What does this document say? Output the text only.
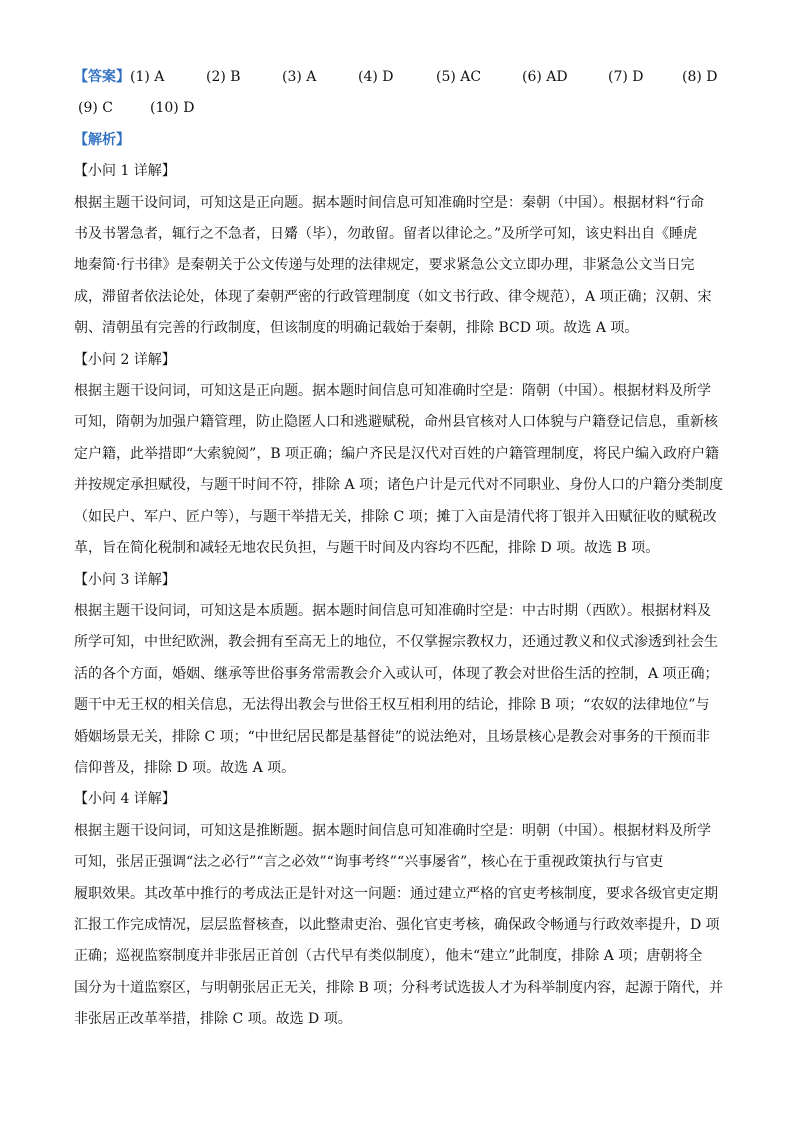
【答案】 (1) A	(2) B	(3) A	(4) D	(5) AC	(6) AD	(7) D	(8) D
(9) C	(10) D
【解析】
【小问 1 详解】
根据主题干设问词，可知这是正向题。据本题时间信息可知准确时空是：秦朝（中国）。根据材料“行命
书及书署急者，辄行之不急者，日觱（毕），勿敢留。留者以律论之。”及所学可知，该史料出自《睡虎
地秦简·行书律》是秦朝关于公文传递与处理的法律规定，要求紧急公文立即办理，非紧急公文当日完
成，滞留者依法论处，体现了秦朝严密的行政管理制度（如文书行政、律令规范），A 项正确；汉朝、宋
朝、清朝虽有完善的行政制度，但该制度的明确记载始于秦朝，排除 BCD 项。故选 A 项。
【小问 2 详解】
根据主题干设问词，可知这是正向题。据本题时间信息可知准确时空是：隋朝（中国）。根据材料及所学
可知，隋朝为加强户籍管理，防止隐匿人口和逃避赋税，命州县官核对人口体貌与户籍登记信息，重新核
定户籍，此举措即“大索貌阅”，B 项正确；编户齐民是汉代对百姓的户籍管理制度，将民户编入政府户籍
并按规定承担赋役，与题干时间不符，排除 A 项；诸色户计是元代对不同职业、身份人口的户籍分类制度
（如民户、军户、匠户等），与题干举措无关，排除 C 项；摊丁入亩是清代将丁银并入田赋征收的赋税改
革，旨在简化税制和减轻无地农民负担，与题干时间及内容均不匹配，排除 D 项。故选 B 项。
【小问 3 详解】
根据主题干设问词，可知这是本质题。据本题时间信息可知准确时空是：中古时期（西欧）。根据材料及
所学可知，中世纪欧洲，教会拥有至高无上的地位，不仅掌握宗教权力，还通过教义和仪式渗透到社会生
活的各个方面，婚姻、继承等世俗事务常需教会介入或认可，体现了教会对世俗生活的控制，A 项正确；
题干中无王权的相关信息，无法得出教会与世俗王权互相利用的结论，排除 B 项；“农奴的法律地位”与
婚姻场景无关，排除 C 项；“中世纪居民都是基督徒”的说法绝对，且场景核心是教会对事务的干预而非
信仰普及，排除 D 项。故选 A 项。
【小问 4 详解】
根据主题干设问词，可知这是推断题。据本题时间信息可知准确时空是：明朝（中国）。根据材料及所学
可知，张居正强调“法之必行”“言之必效”“询事考终”“兴事屡省”，核心在于重视政策执行与官吏
履职效果。其改革中推行的考成法正是针对这一问题：通过建立严格的官吏考核制度，要求各级官吏定期
汇报工作完成情况，层层监督核查，以此整肃吏治、强化官吏考核，确保政令畅通与行政效率提升，D 项
正确；巡视监察制度并非张居正首创（古代早有类似制度），他未“建立”此制度，排除 A 项；唐朝将全
国分为十道监察区，与明朝张居正无关，排除 B 项；分科考试选拔人才为科举制度内容，起源于隋代，并
非张居正改革举措，排除 C 项。故选 D 项。
